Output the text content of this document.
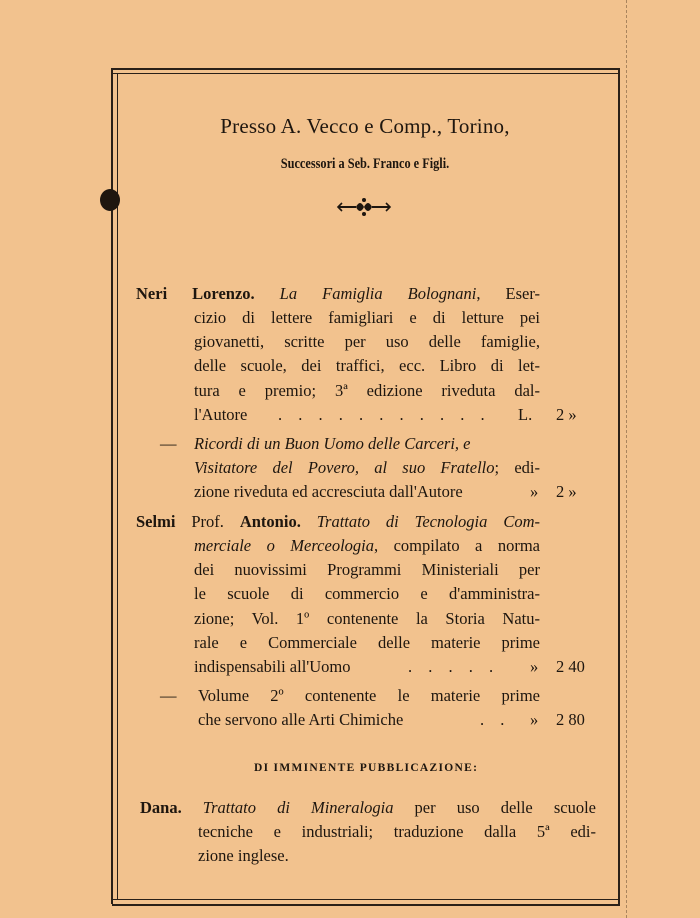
Presso A. Vecco e Comp., Torino,
Successori a Seb. Franco e Figli.
Neri Lorenzo. La Famiglia Bolognani, Eser-
cizio di lettere famigliari e di letture pei
giovanetti, scritte per uso delle famiglie,
delle scuole, dei traffici, ecc. Libro di let-
tura e premio; 3ª edizione riveduta dal-
l'Autore . . . . . . . . . . . L. 2 »
— Ricordi di un Buon Uomo delle Carceri, e
Visitatore del Povero, al suo Fratello; edi-
zione riveduta ed accresciuta dall'Autore	» 2 »
Selmi Prof. Antonio. Trattato di Tecnologia Com-
merciale o Merceologia, compilato a norma
dei nuovissimi Programmi Ministeriali per
le scuole di commercio e d'amministra-
zione; Vol. 1º contenente la Storia Natu-
rale e Commerciale delle materie prime
indispensabili all'Uomo	. . . . . » 2 40
— Volume 2º contenente le materie prime
che servono alle Arti Chimiche	. . » 2 80
DI IMMINENTE PUBBLICAZIONE:
Dana. Trattato di Mineralogia per uso delle scuole
tecniche e industriali; traduzione dalla 5ª edi-
zione inglese.
